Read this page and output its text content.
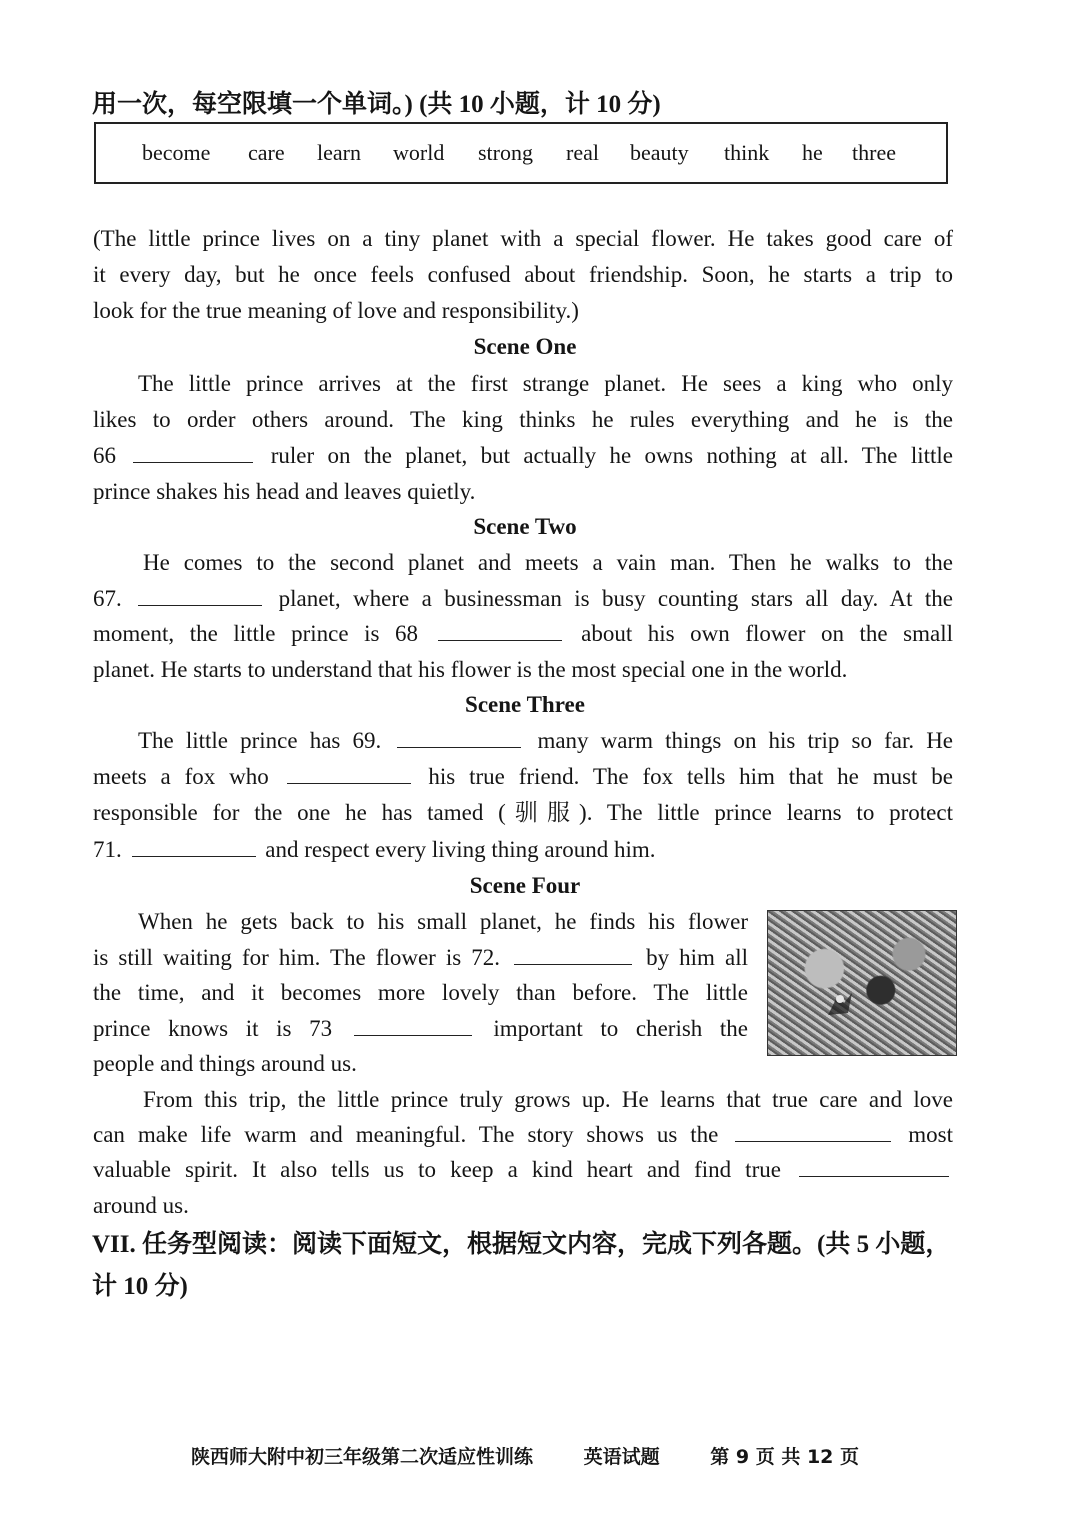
用一次，每空限填一个单词。) (共 10 小题，计 10 分)
become care learn world strong real beauty think he three
(The little prince lives on a tiny planet with a special flower. He takes good care of
it every day, but he once feels confused about friendship. Soon, he starts a trip to
look for the true meaning of love and responsibility.)
Scene One
The little prince arrives at the first strange planet. He sees a king who only
likes to order others around. The king thinks he rules everything and he is the
66	ruler on the planet, but actually he owns nothing at all. The little
prince shakes his head and leaves quietly.
Scene Two
He comes to the second planet and meets a vain man. Then he walks to the
67.	planet, where a businessman is busy counting stars all day. At the
moment, the little prince is 68	about his own flower on the small
planet. He starts to understand that his flower is the most special one in the world.
Scene Three
The little prince has 69.	many warm things on his trip so far. He
meets a fox who	his true friend. The fox tells him that he must be
responsible for the one he has tamed (驯服). The little prince learns to protect
71.	and respect every living thing around him.
Scene Four
When he gets back to his small planet, he finds his flower
is still waiting for him. The flower is 72.	by him all
the time, and it becomes more lovely than before. The little
prince knows it is 73	important to cherish the
people and things around us.
From this trip, the little prince truly grows up. He learns that true care and love
can make life warm and meaningful. The story shows us the	most
valuable spirit. It also tells us to keep a kind heart and find true
around us.
VII. 任务型阅读：阅读下面短文，根据短文内容，完成下列各题。(共 5 小题，
计 10 分)
陕西师大附中初三年级第二次适应性训练	英语试题	第 9 页 共 12 页
